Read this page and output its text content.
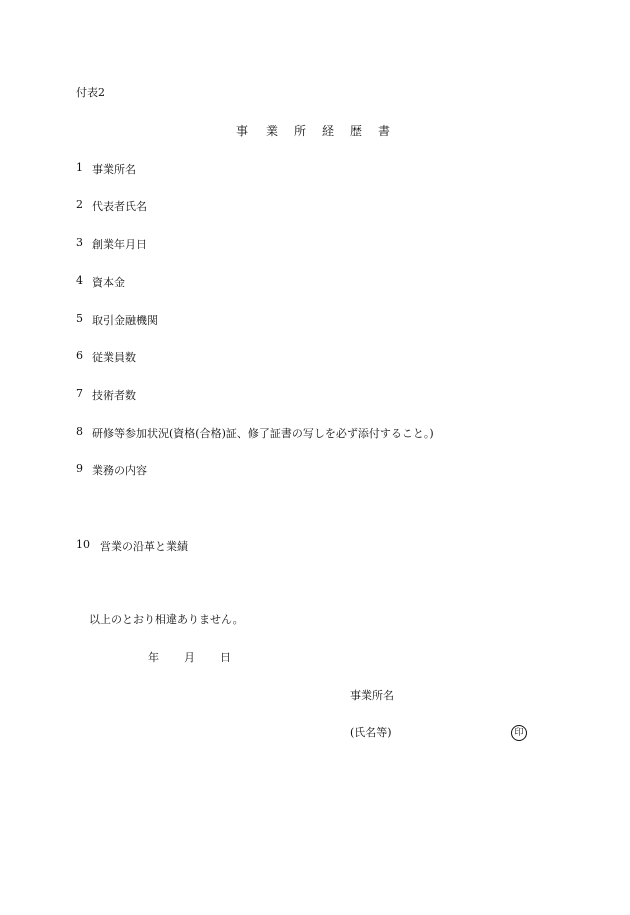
付表2
事 業 所 経 歴 書
1 事業所名
2 代表者氏名
3 創業年月日
4 資本金
5 取引金融機関
6 従業員数
7 技術者数
8 研修等参加状況(資格(合格)証、修了証書の写しを必ず添付すること。)
9 業務の内容
10 営業の沿革と業績
以上のとおり相違ありません。
年 月 日
事業所名
(氏名等)	印
